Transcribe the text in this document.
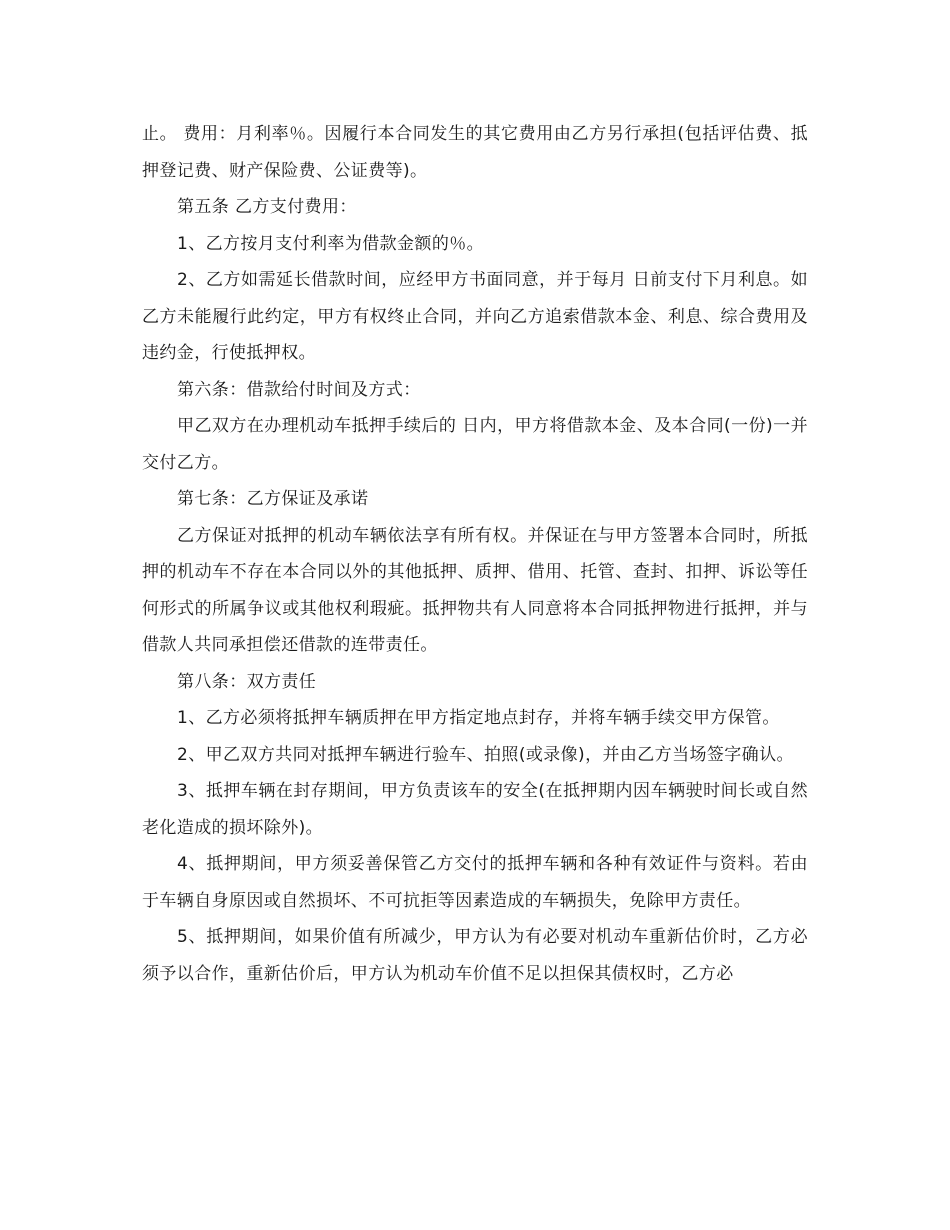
止。 费用：月利率％。因履行本合同发生的其它费用由乙方另行承担(包括评估费、抵押登记费、财产保险费、公证费等)。

第五条 乙方支付费用：

1、乙方按月支付利率为借款金额的％。

2、乙方如需延长借款时间，应经甲方书面同意，并于每月 日前支付下月利息。如乙方未能履行此约定，甲方有权终止合同，并向乙方追索借款本金、利息、综合费用及违约金，行使抵押权。

第六条：借款给付时间及方式：

甲乙双方在办理机动车抵押手续后的 日内，甲方将借款本金、及本合同(一份)一并交付乙方。

第七条：乙方保证及承诺

乙方保证对抵押的机动车辆依法享有所有权。并保证在与甲方签署本合同时，所抵押的机动车不存在本合同以外的其他抵押、质押、借用、托管、查封、扣押、诉讼等任何形式的所属争议或其他权利瑕疵。抵押物共有人同意将本合同抵押物进行抵押，并与借款人共同承担偿还借款的连带责任。

第八条：双方责任

1、乙方必须将抵押车辆质押在甲方指定地点封存，并将车辆手续交甲方保管。

2、甲乙双方共同对抵押车辆进行验车、拍照(或录像)，并由乙方当场签字确认。

3、抵押车辆在封存期间，甲方负责该车的安全(在抵押期内因车辆驶时间长或自然老化造成的损坏除外)。

4、抵押期间，甲方须妥善保管乙方交付的抵押车辆和各种有效证件与资料。若由于车辆自身原因或自然损坏、不可抗拒等因素造成的车辆损失，免除甲方责任。

5、抵押期间，如果价值有所减少，甲方认为有必要对机动车重新估价时，乙方必须予以合作，重新估价后，甲方认为机动车价值不足以担保其债权时，乙方必
